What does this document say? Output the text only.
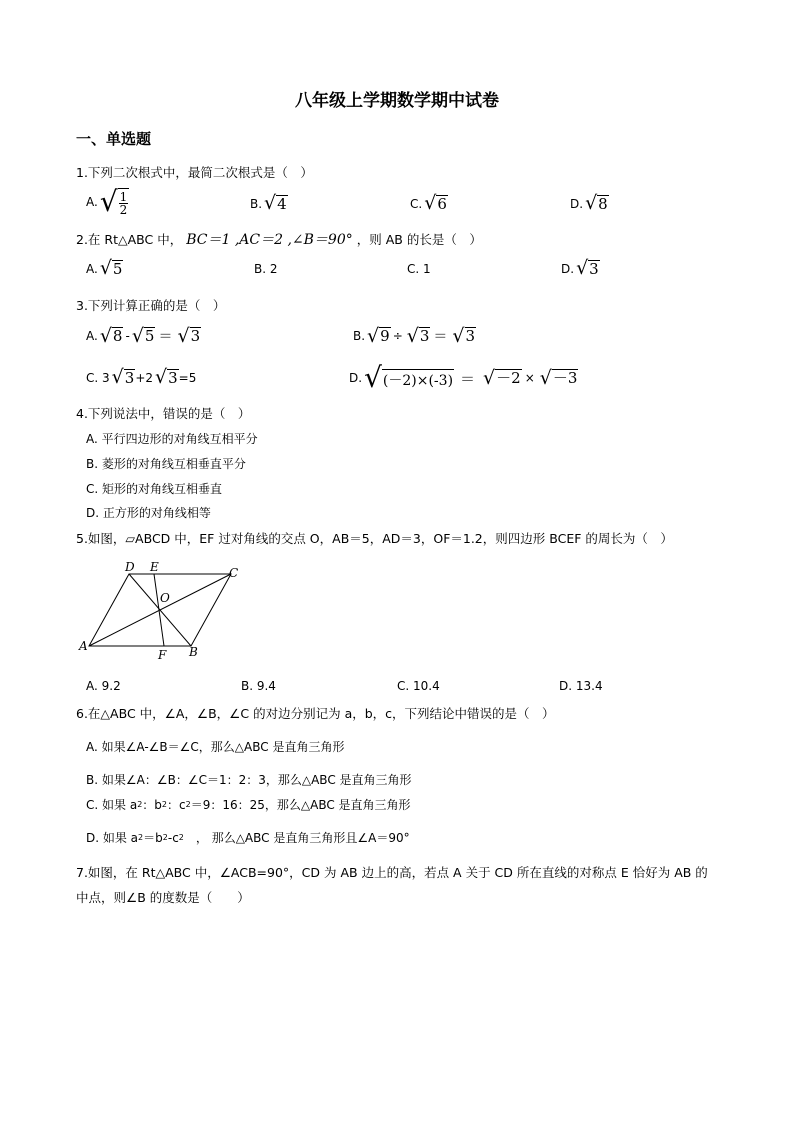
八年级上学期数学期中试卷
一、单选题
1.下列二次根式中，最简二次根式是（　）
A. √ $\frac{1}{2}$	B. √ 4	C. √ 6	D. √ 8
2.在 Rt△ABC 中， BC＝1 ,AC＝2 ,∠B＝90° ，则 AB 的长是（　）
A. √ 5	B. 2	C. 1	D. √ 3
3.下列计算正确的是（　）
A. √ 8 - √ 5 ＝ √ 3	B. √ 9 ÷ √ 3 ＝ √ 3
C. 3 √ 3 +2 √ 3 =5	D. √ (－2)×(-3) ＝ √ －2 × √ －3
4.下列说法中，错误的是（　）
A. 平行四边形的对角线互相平分
B. 菱形的对角线互相垂直平分
C. 矩形的对角线互相垂直
D. 正方形的对角线相等
5.如图，▱ABCD 中，EF 过对角线的交点 O，AB＝5，AD＝3，OF＝1.2，则四边形 BCEF 的周长为（　）
D E	C
O
A
F B
A. 9.2	B. 9.4	C. 10.4	D. 13.4
6.在△ABC 中，∠A，∠B，∠C 的对边分别记为 a，b，c，下列结论中错误的是（　）
A. 如果∠A-∠B＝∠C，那么△ABC 是直角三角形
B. 如果∠A：∠B：∠C＝1：2：3，那么△ABC 是直角三角形
C. 如果 a 2 ：b 2 ：c 2 ＝9：16：25，那么△ABC 是直角三角形
D. 如果 a 2 ＝b 2 -c 2 　， 那么△ABC 是直角三角形且∠A＝90°
7.如图，在 Rt△ABC 中，∠ACB=90°，CD 为 AB 边上的高，若点 A 关于 CD 所在直线的对称点 E 恰好为 AB 的
中点，则∠B 的度数是（　　）
